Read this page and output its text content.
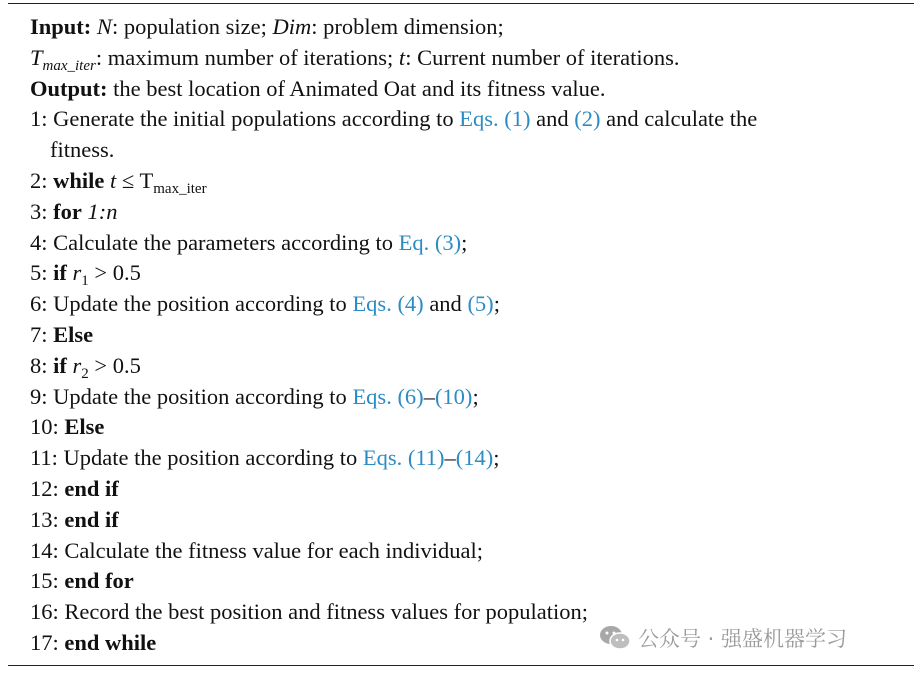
Input: N: population size; Dim: problem dimension;
$T_{max\_iter}$: maximum number of iterations; t: Current number of iterations.
Output: the best location of Animated Oat and its fitness value.
1: Generate the initial populations according to Eqs. (1) and (2) and calculate the
fitness.
2: while $t \le T_{max\_iter}$
3: for 1:n
4: Calculate the parameters according to Eq. (3);
5: if $r_1 > 0.5$
6: Update the position according to Eqs. (4) and (5);
7: Else
8: if $r_2 > 0.5$
9: Update the position according to Eqs. (6)–(10);
10: Else
11: Update the position according to Eqs. (11)–(14);
12: end if
13: end if
14: Calculate the fitness value for each individual;
15: end for
16: Record the best position and fitness values for population;
17: end while	公众号 · 强盛机器学习
